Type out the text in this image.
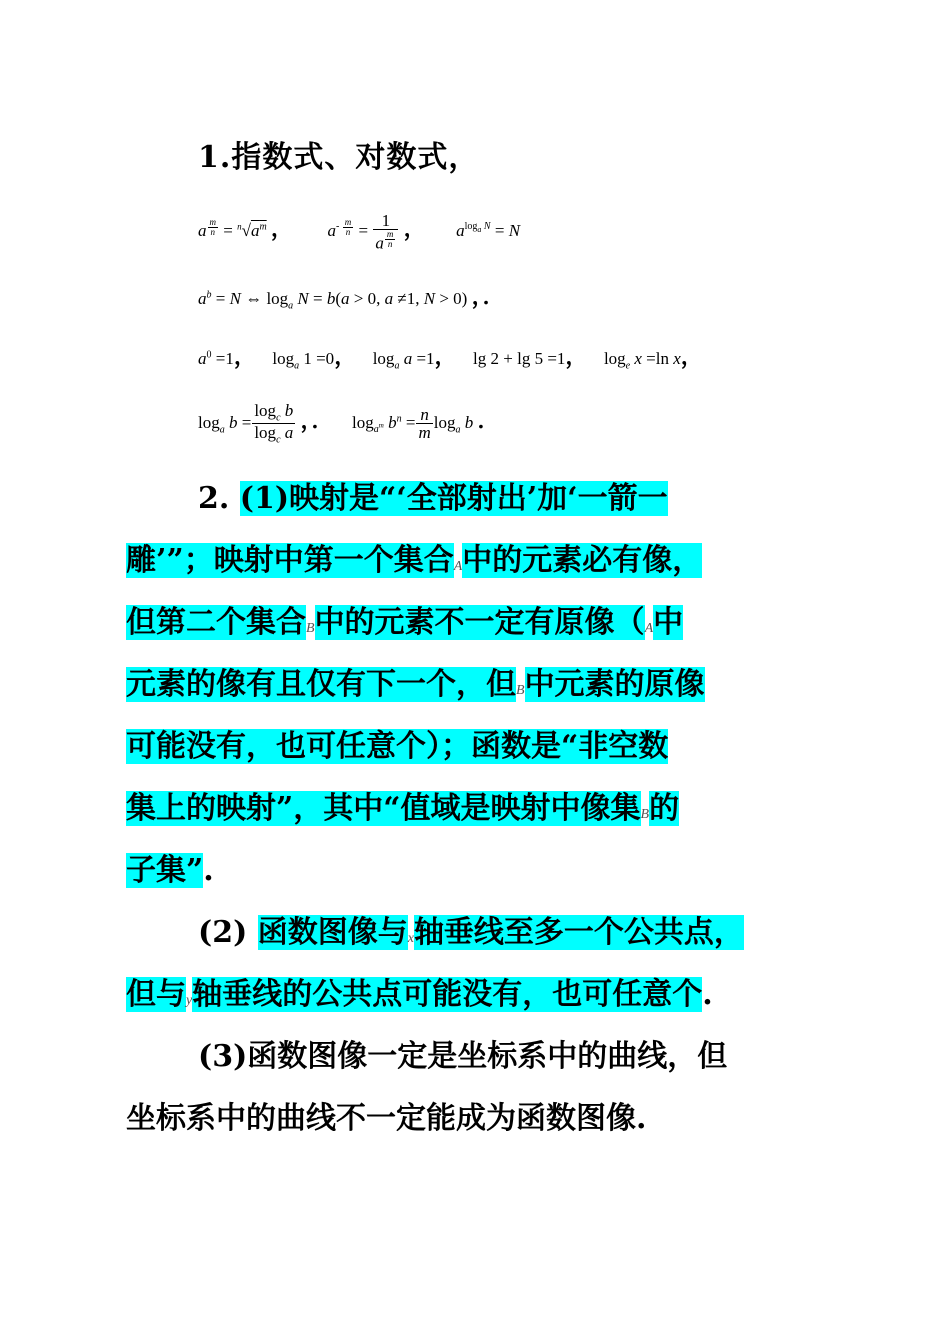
1.指数式、对数式，
a $^{\frac{m}{n}} = ^n√a^m$ ， $a^{- \frac{m}{n}} = 1$
a $^{\frac{m}{n}}$ ， $a^{log_a N} = N$
$a^b = N$ ⇔ $\log_a N = b(a > 0$, a ≠1, N > 0) ，．
$a^0 =1$， $\log_a 1 =0$， $\log_a a =1$， lg 2 + lg 5 =1， $\log_e x =\ln$ x，
$\log_a b = \frac{\log_c b}{\log_c a}$ ，．  $\log_{a^m} b^n = \frac{n}{m} \log_a b$ ．
2. (1)映射是“‘全部射出’加‘一箭一
雕’”；映射中第一个集合A中的元素必有像，
但第二个集合B中的元素不一定有原像（A中
元素的像有且仅有下一个，但B中元素的原像
可能没有，也可任意个）；函数是“非空数
集上的映射”，其中“值域是映射中像集B的
子集”.
(2) 函数图像与x轴垂线至多一个公共点，
但与y轴垂线的公共点可能没有，也可任意个.
(3)函数图像一定是坐标系中的曲线，但
坐标系中的曲线不一定能成为函数图像.
